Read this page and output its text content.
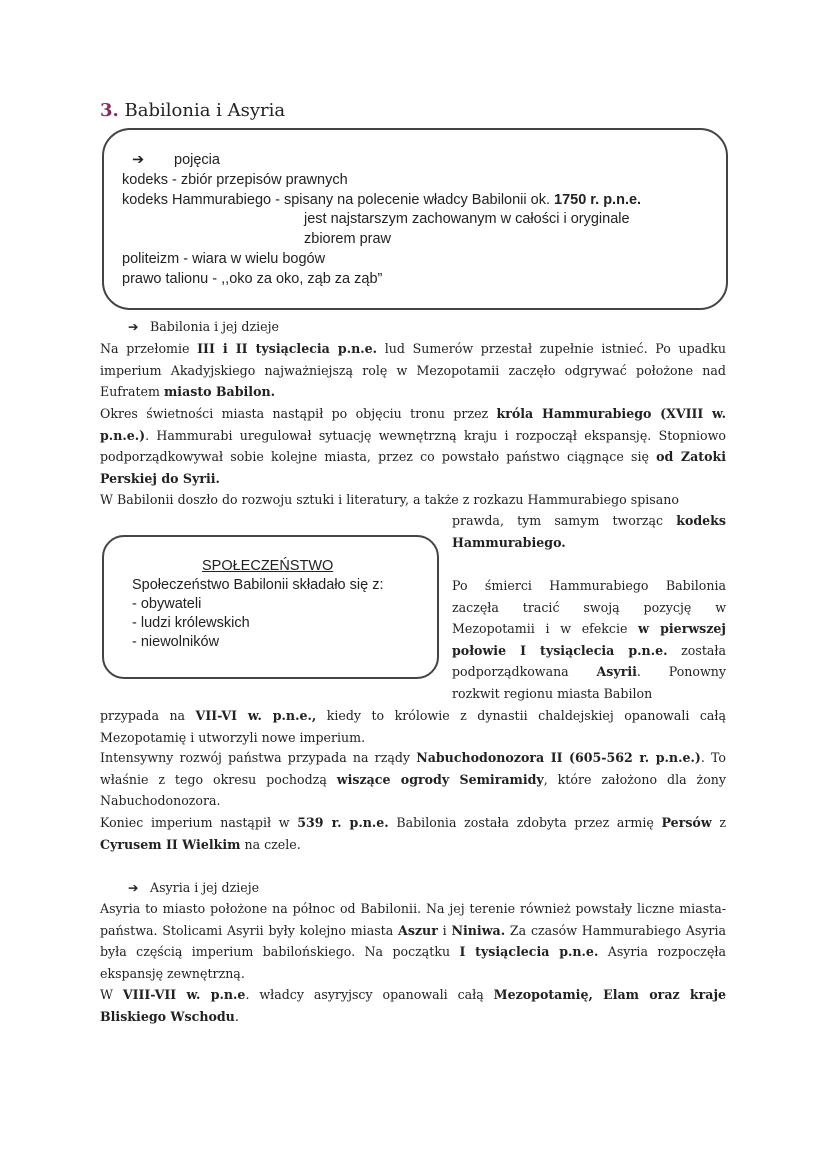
3. Babilonia i Asyria
➔ pojęcia
kodeks - zbiór przepisów prawnych
kodeks Hammurabiego - spisany na polecenie władcy Babilonii ok. 1750 r. p.n.e.
jest najstarszym zachowanym w całości i oryginale
zbiorem praw
politeizm - wiara w wielu bogów
prawo talionu - ,,oko za oko, ząb za ząb”
➔ Babilonia i jej dzieje

Na przełomie III i II tysiąclecia p.n.e. lud Sumerów przestał zupełnie istnieć. Po upadku imperium Akadyjskiego najważniejszą rolę w Mezopotamii zaczęło odgrywać położone nad Eufratem miasto Babilon.

Okres świetności miasta nastąpił po objęciu tronu przez króla Hammurabiego (XVIII w. p.n.e.). Hammurabi uregulował sytuację wewnętrzną kraju i rozpoczął ekspansję. Stopniowo podporządkowywał sobie kolejne miasta, przez co powstało państwo ciągnące się od Zatoki Perskiej do Syrii.

W Babilonii doszło do rozwoju sztuki i literatury, a także z rozkazu Hammurabiego spisano

prawda, tym samym tworząc kodeks Hammurabiego.

Po śmierci Hammurabiego Babilonia zaczęła tracić swoją pozycję w Mezopotamii i w efekcie w pierwszej połowie I tysiąclecia p.n.e. została podporządkowana Asyrii. Ponowny rozkwit regionu miasta Babilon

SPOŁECZEŃSTWO
Społeczeństwo Babilonii składało się z:
- obywateli
- ludzi królewskich
- niewolników

przypada na VII-VI w. p.n.e., kiedy to królowie z dynastii chaldejskiej opanowali całą Mezopotamię i utworzyli nowe imperium.

Intensywny rozwój państwa przypada na rządy Nabuchodonozora II (605-562 r. p.n.e.). To właśnie z tego okresu pochodzą wiszące ogrody Semiramidy, które założono dla żony Nabuchodonozora.

Koniec imperium nastąpił w 539 r. p.n.e. Babilonia została zdobyta przez armię Persów z Cyrusem II Wielkim na czele.

➔ Asyria i jej dzieje

Asyria to miasto położone na północ od Babilonii. Na jej terenie również powstały liczne miasta-państwa. Stolicami Asyrii były kolejno miasta Aszur i Niniwa. Za czasów Hammurabiego Asyria była częścią imperium babilońskiego. Na początku I tysiąclecia p.n.e. Asyria rozpoczęła ekspansję zewnętrzną.

W VIII-VII w. p.n.e. władcy asyryjscy opanowali całą Mezopotamię, Elam oraz kraje Bliskiego Wschodu.
